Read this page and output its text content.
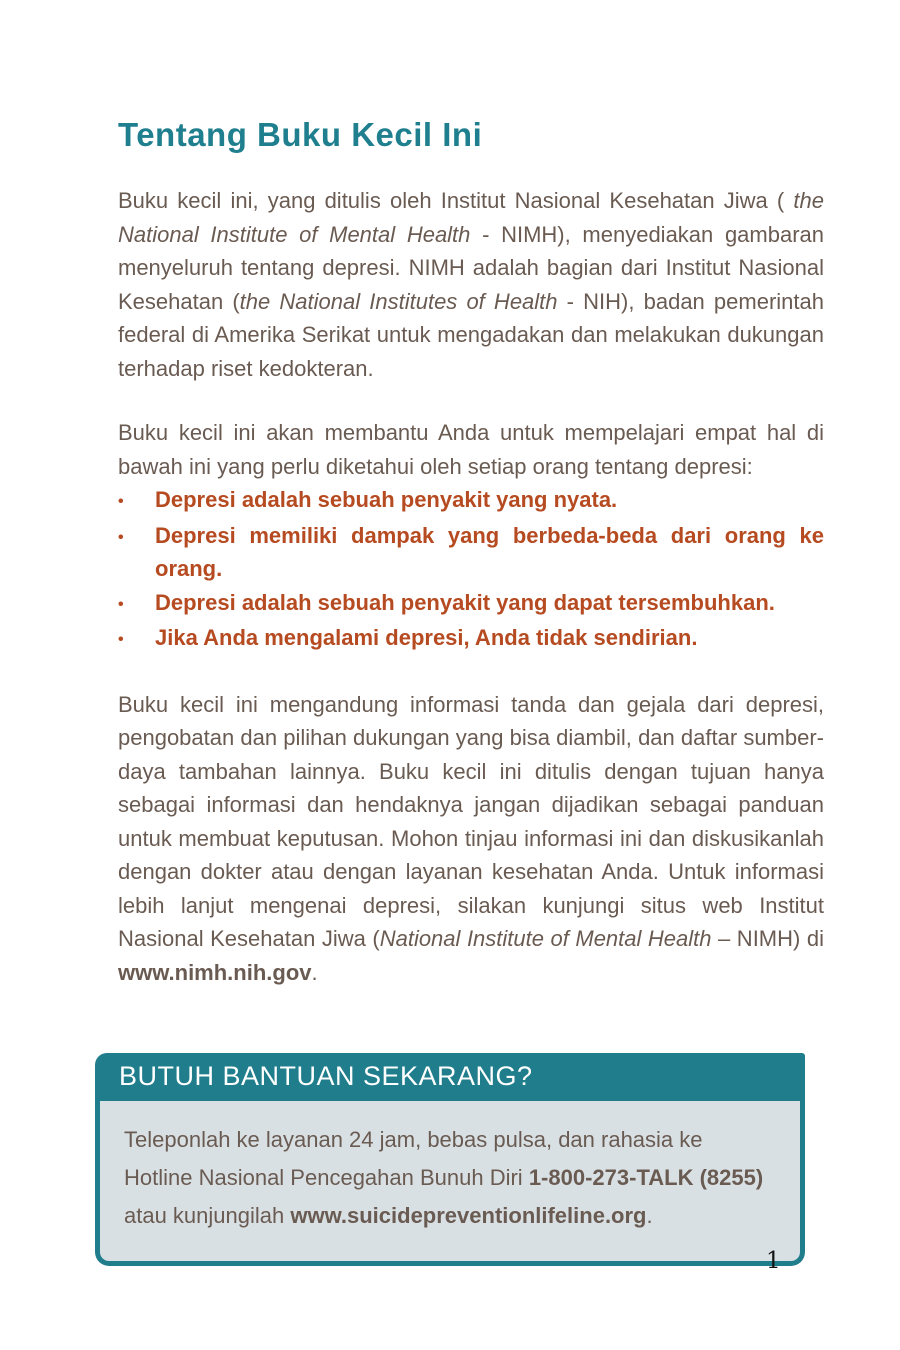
Tentang Buku Kecil Ini

Buku kecil ini, yang ditulis oleh Institut Nasional Kesehatan Jiwa ( the National Institute of Mental Health - NIMH), menyediakan gambaran menyeluruh tentang depresi. NIMH adalah bagian dari Institut Nasional Kesehatan (the National Institutes of Health - NIH), badan pemerintah federal di Amerika Serikat untuk mengadakan dan melakukan dukungan terhadap riset kedokteran.

Buku kecil ini akan membantu Anda untuk mempelajari empat hal di bawah ini yang perlu diketahui oleh setiap orang tentang depresi:

•	Depresi adalah sebuah penyakit yang nyata.
•	Depresi memiliki dampak yang berbeda-beda dari orang ke orang.
•	Depresi adalah sebuah penyakit yang dapat tersembuhkan.
•	Jika Anda mengalami depresi, Anda tidak sendirian.

Buku kecil ini mengandung informasi tanda dan gejala dari depresi, pengobatan dan pilihan dukungan yang bisa diambil, dan daftar sumber-daya tambahan lainnya. Buku kecil ini ditulis dengan tujuan hanya sebagai informasi dan hendaknya jangan dijadikan sebagai panduan untuk membuat keputusan. Mohon tinjau informasi ini dan diskusikanlah dengan dokter atau dengan layanan kesehatan Anda. Untuk informasi lebih lanjut mengenai depresi, silakan kunjungi situs web Institut Nasional Kesehatan Jiwa (National Institute of Mental Health – NIMH) di www.nimh.nih.gov.

BUTUH BANTUAN SEKARANG?
Teleponlah ke layanan 24 jam, bebas pulsa, dan rahasia ke Hotline Nasional Pencegahan Bunuh Diri 1-800-273-TALK (8255) atau kunjungilah www.suicidepreventionlifeline.org.
1
